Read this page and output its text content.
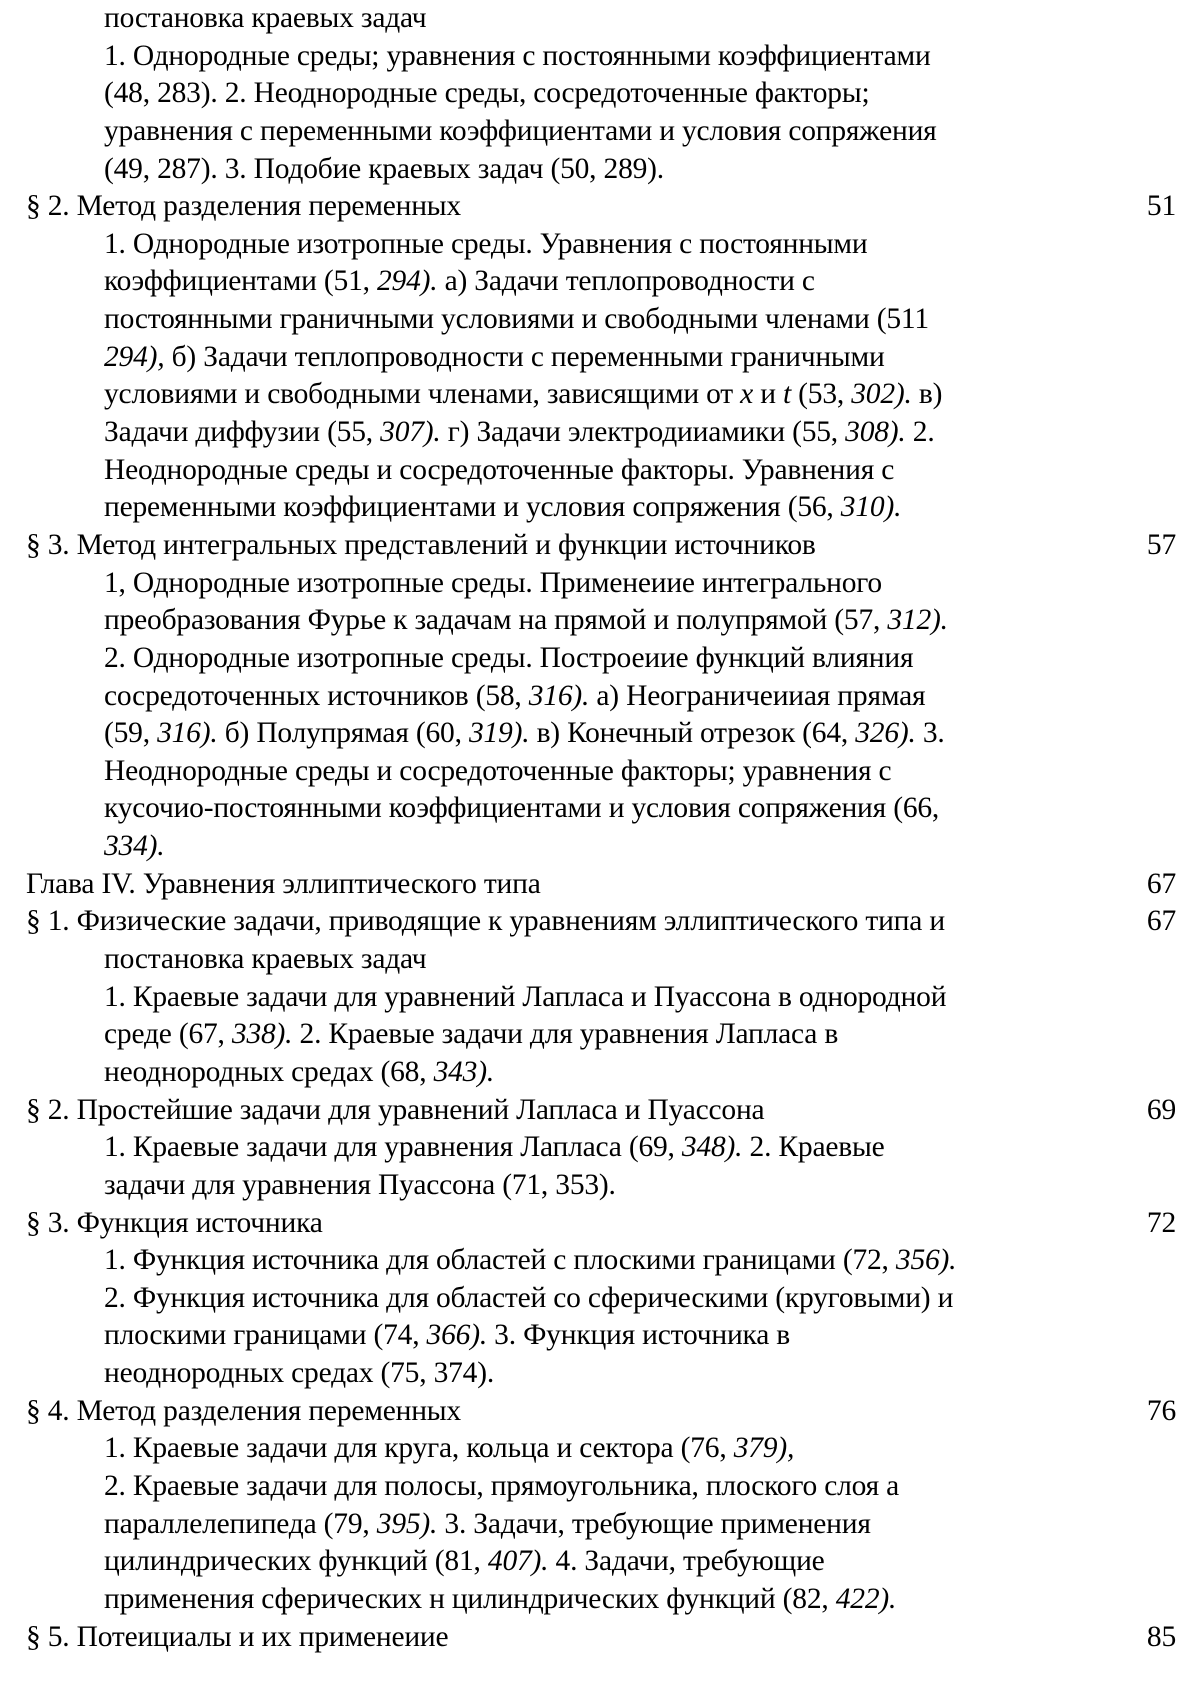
постановка краевых задач
1. Однородные среды; уравнения с постоянными коэффициентами
(48, 283). 2. Неоднородные среды, сосредоточенные факторы;
уравнения с переменными коэффициентами и условия сопряжения
(49, 287). 3. Подобие краевых задач (50, 289).
§ 2. Метод разделения переменных	51
1. Однородные изотропные среды. Уравнения с постоянными
коэффициентами (51, 294). а) Задачи теплопроводности с
постоянными граничными условиями и свободными членами (511
294), б) Задачи теплопроводности с переменными граничными
условиями и свободными членами, зависящими от x и t (53, 302). в)
Задачи диффузии (55, 307). г) Задачи электродииамики (55, 308). 2.
Неоднородные среды и сосредоточенные факторы. Уравнения с
переменными коэффициентами и условия сопряжения (56, 310).
§ 3. Метод интегральных представлений и функции источников	57
1, Однородные изотропные среды. Применеиие интегрального
преобразования Фурье к задачам на прямой и полупрямой (57, 312).
2. Однородные изотропные среды. Построеиие функций влияния
сосредоточенных источников (58, 316). а) Неограничеииая прямая
(59, 316). б) Полупрямая (60, 319). в) Конечный отрезок (64, 326). 3.
Неоднородные среды и сосредоточенные факторы; уравнения с
кусочио-постоянными коэффициентами и условия сопряжения (66,
334).
Глава IV. Уравнения эллиптического типа	67
§ 1. Физические задачи, приводящие к уравнениям эллиптического типа и	67
постановка краевых задач
1. Краевые задачи для уравнений Лапласа и Пуассона в однородной
среде (67, 338). 2. Краевые задачи для уравнения Лапласа в
неоднородных средах (68, 343).
§ 2. Простейшие задачи для уравнений Лапласа и Пуассона	69
1. Краевые задачи для уравнения Лапласа (69, 348). 2. Краевые
задачи для уравнения Пуассона (71, 353).
§ 3. Функция источника	72
1. Функция источника для областей с плоскими границами (72, 356).
2. Функция источника для областей со сферическими (круговыми) и
плоскими границами (74, 366). 3. Функция источника в
неоднородных средах (75, 374).
§ 4. Метод разделения переменных	76
1. Краевые задачи для круга, кольца и сектора (76, 379),
2. Краевые задачи для полосы, прямоугольника, плоского слоя а
параллелепипеда (79, 395). 3. Задачи, требующие применения
цилиндрических функций (81, 407). 4. Задачи, требующие
применения сферических н цилиндрических функций (82, 422).
§ 5. Потеициалы и их применеиие	85
